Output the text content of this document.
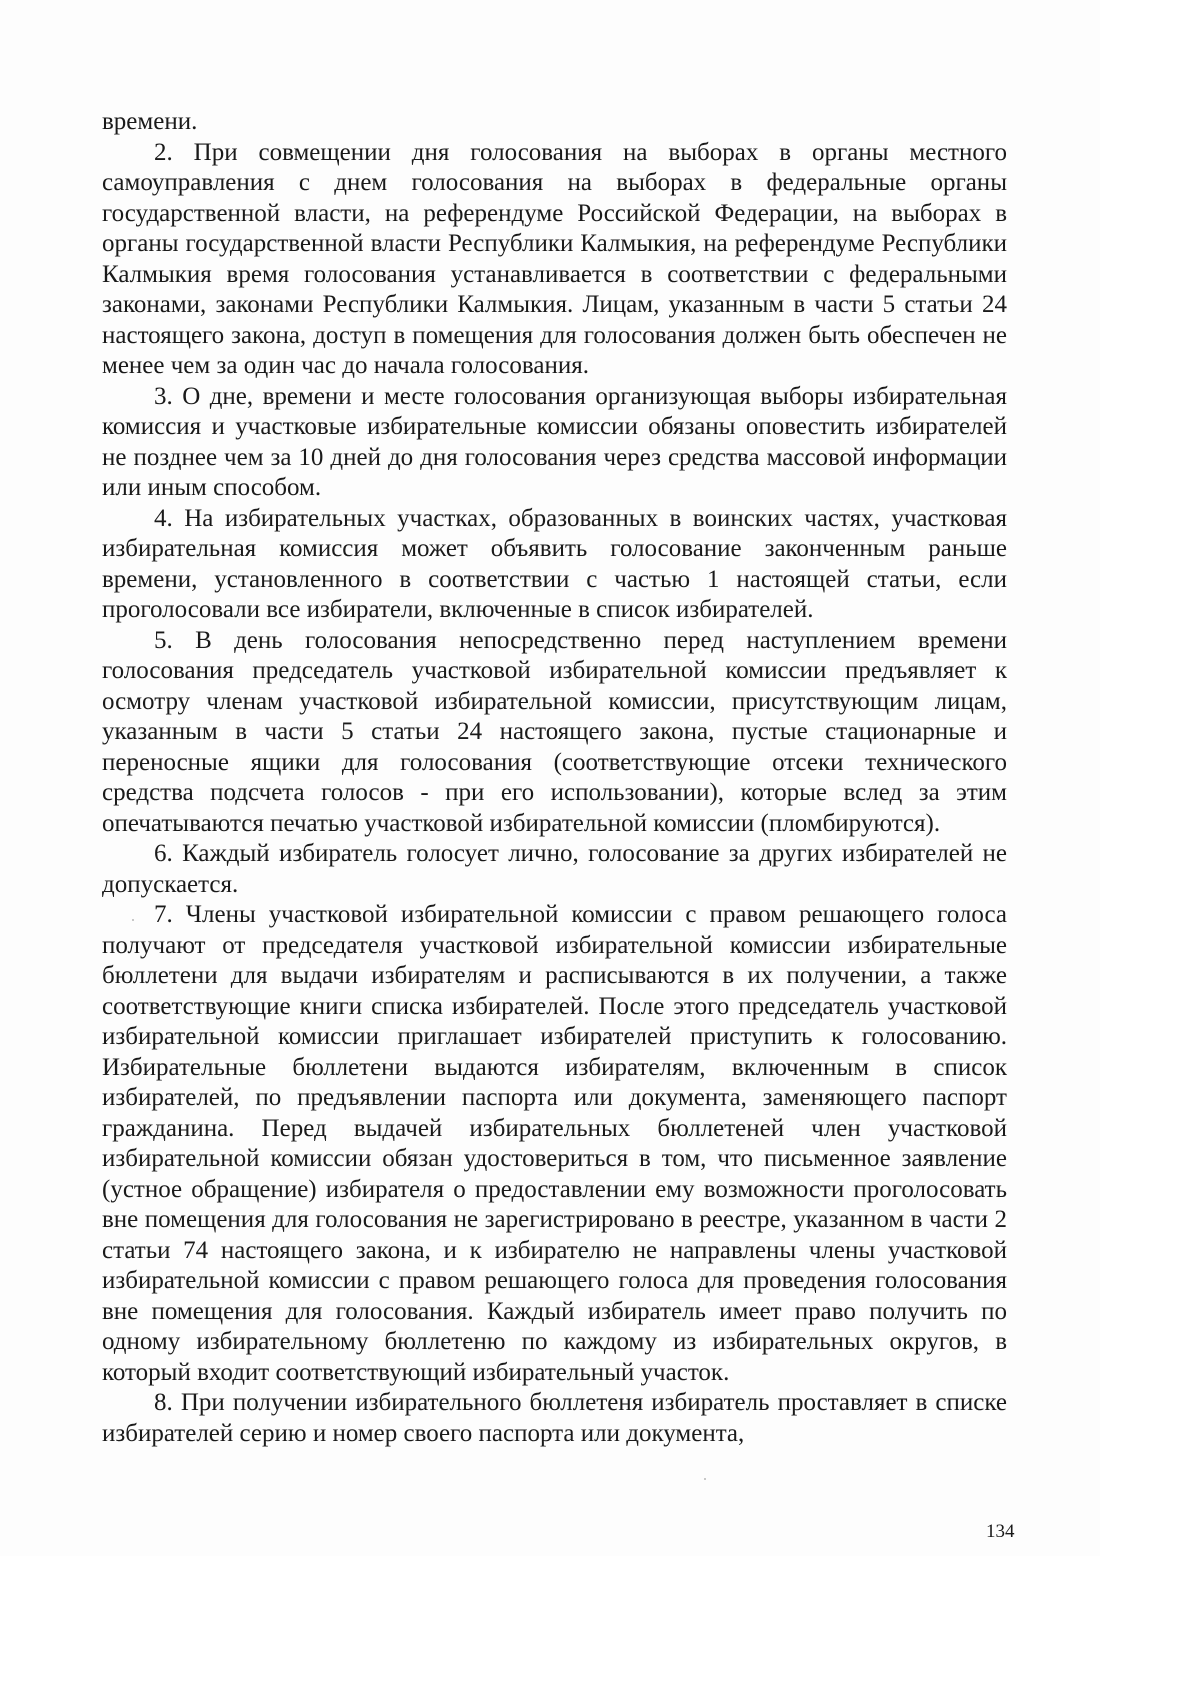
времени.

2. При совмещении дня голосования на выборах в органы местного самоуправления с днем голосования на выборах в федеральные органы государственной власти, на референдуме Российской Федерации, на выборах в органы государственной власти Республики Калмыкия, на референдуме Республики Калмыкия время голосования устанавливается в соответствии с федеральными законами, законами Республики Калмыкия. Лицам, указанным в части 5 статьи 24 настоящего закона, доступ в помещения для голосования должен быть обеспечен не менее чем за один час до начала голосования.

3. О дне, времени и месте голосования организующая выборы избирательная комиссия и участковые избирательные комиссии обязаны оповестить избирателей не позднее чем за 10 дней до дня голосования через средства массовой информации или иным способом.

4. На избирательных участках, образованных в воинских частях, участковая избирательная комиссия может объявить голосование законченным раньше времени, установленного в соответствии с частью 1 настоящей статьи, если проголосовали все избиратели, включенные в список избирателей.

5. В день голосования непосредственно перед наступлением времени голосования председатель участковой избирательной комиссии предъявляет к осмотру членам участковой избирательной комиссии, присутствующим лицам, указанным в части 5 статьи 24 настоящего закона, пустые стационарные и переносные ящики для голосования (соответствующие отсеки технического средства подсчета голосов - при его использовании), которые вслед за этим опечатываются печатью участковой избирательной комиссии (пломбируются).

6. Каждый избиратель голосует лично, голосование за других избирателей не допускается.

7. Члены участковой избирательной комиссии с правом решающего голоса получают от председателя участковой избирательной комиссии избирательные бюллетени для выдачи избирателям и расписываются в их получении, а также соответствующие книги списка избирателей. После этого председатель участковой избирательной комиссии приглашает избирателей приступить к голосованию. Избирательные бюллетени выдаются избирателям, включенным в список избирателей, по предъявлении паспорта или документа, заменяющего паспорт гражданина. Перед выдачей избирательных бюллетеней член участковой избирательной комиссии обязан удостовериться в том, что письменное заявление (устное обращение) избирателя о предоставлении ему возможности проголосовать вне помещения для голосования не зарегистрировано в реестре, указанном в части 2 статьи 74 настоящего закона, и к избирателю не направлены члены участковой избирательной комиссии с правом решающего голоса для проведения голосования вне помещения для голосования. Каждый избиратель имеет право получить по одному избирательному бюллетеню по каждому из избирательных округов, в который входит соответствующий избирательный участок.

8. При получении избирательного бюллетеня избиратель проставляет в списке избирателей серию и номер своего паспорта или документа,

134
